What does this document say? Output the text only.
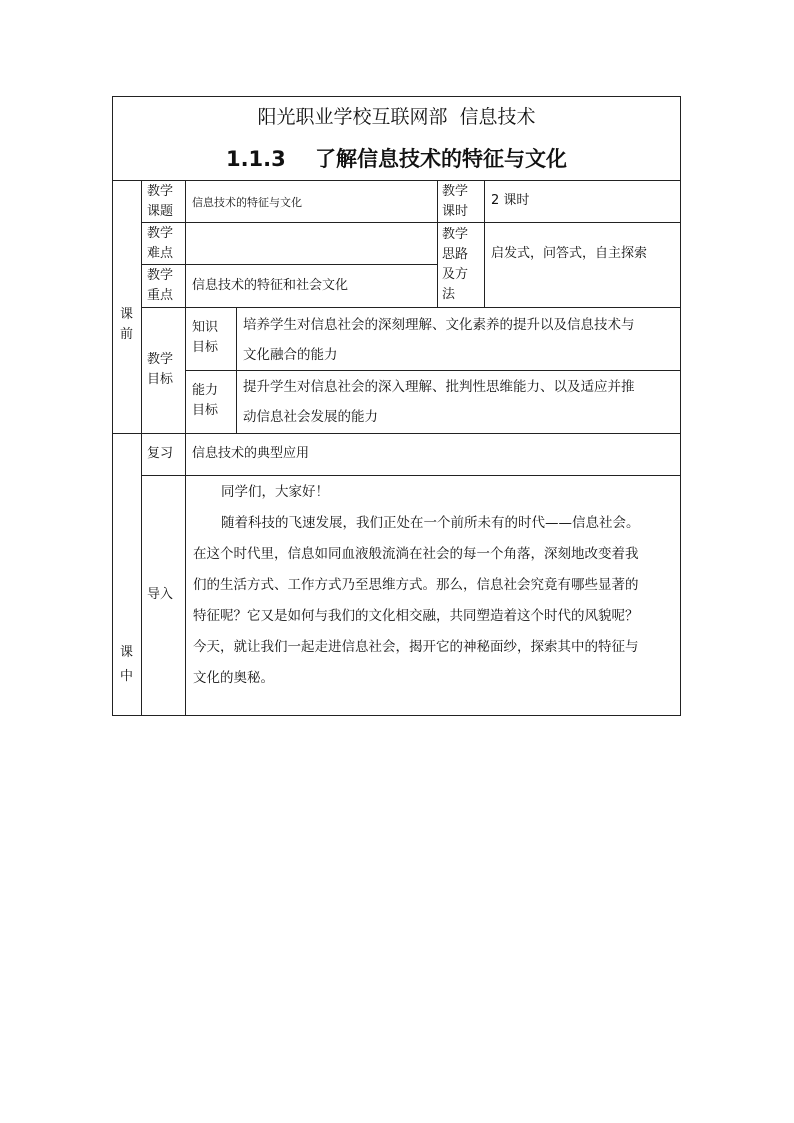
阳光职业学校互联网部  信息技术
1.1.3    了解信息技术的特征与文化
课
前
教学
课题
信息技术的特征与文化
教学
课时
2 课时
教学
难点
教学
思路
及方
法
启发式，问答式，自主探索
教学
重点
信息技术的特征和社会文化
教学
目标
知识
目标
培养学生对信息社会的深刻理解、文化素养的提升以及信息技术与
文化融合的能力
能力
目标
提升学生对信息社会的深入理解、批判性思维能力、以及适应并推
动信息社会发展的能力
课
中
复习 信息技术的典型应用
导入
同学们，大家好！
随着科技的飞速发展，我们正处在一个前所未有的时代——信息社会。
在这个时代里，信息如同血液般流淌在社会的每一个角落，深刻地改变着我
们的生活方式、工作方式乃至思维方式。那么，信息社会究竟有哪些显著的
特征呢？它又是如何与我们的文化相交融，共同塑造着这个时代的风貌呢？
今天，就让我们一起走进信息社会，揭开它的神秘面纱，探索其中的特征与
文化的奥秘。
